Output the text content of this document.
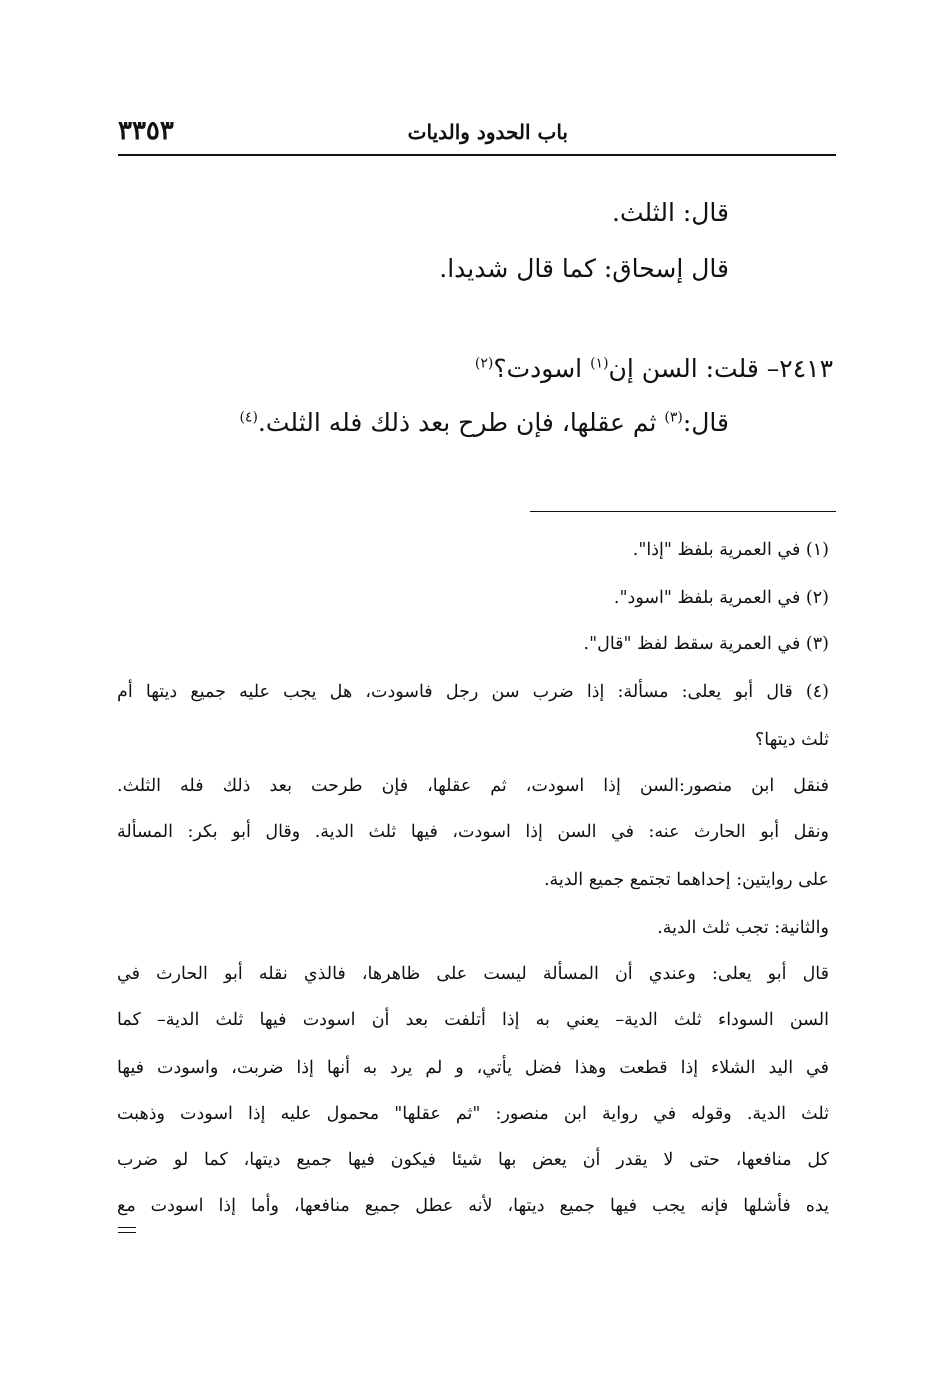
باب الحدود والديات
٣٣٥٣
قال: الثلث.
قال إسحاق: كما قال شديدا.
٢٤١٣– قلت: السن إن$^{(١)}$ اسودت؟$^{(٢)}$
قال:$^{(٣)}$ ثم عقلها، فإن طرح بعد ذلك فله الثلث.$^{(٤)}$
(١) في العمرية بلفظ "إذا".
(٢) في العمرية بلفظ "اسود".
(٣) في العمرية سقط لفظ "قال".
(٤) قال أبو يعلى: مسألة: إذا ضرب سن رجل فاسودت، هل يجب عليه جميع ديتها أم
ثلث ديتها؟
فنقل ابن منصور:السن إذا اسودت، ثم عقلها، فإن طرحت بعد ذلك فله الثلث.
ونقل أبو الحارث عنه: في السن إذا اسودت، فيها ثلث الدية. وقال أبو بكر: المسألة
على روايتين: إحداهما تجتمع جميع الدية.
والثانية: تجب ثلث الدية.
قال أبو يعلى: وعندي أن المسألة ليست على ظاهرها، فالذي نقله أبو الحارث في
السن السوداء ثلث الدية– يعني به إذا أتلفت بعد أن اسودت فيها ثلث الدية– كما
في اليد الشلاء إذا قطعت وهذا فضل يأتي، و لم يرد به أنها إذا ضربت، واسودت فيها
ثلث الدية. وقوله في رواية ابن منصور: "ثم عقلها" محمول عليه إذا اسودت وذهبت
كل منافعها، حتى لا يقدر أن يعض بها شيئا فيكون فيها جميع ديتها، كما لو ضرب
يده فأشلها فإنه يجب فيها جميع ديتها، لأنه عطل جميع منافعها، وأما إذا اسودت مع
